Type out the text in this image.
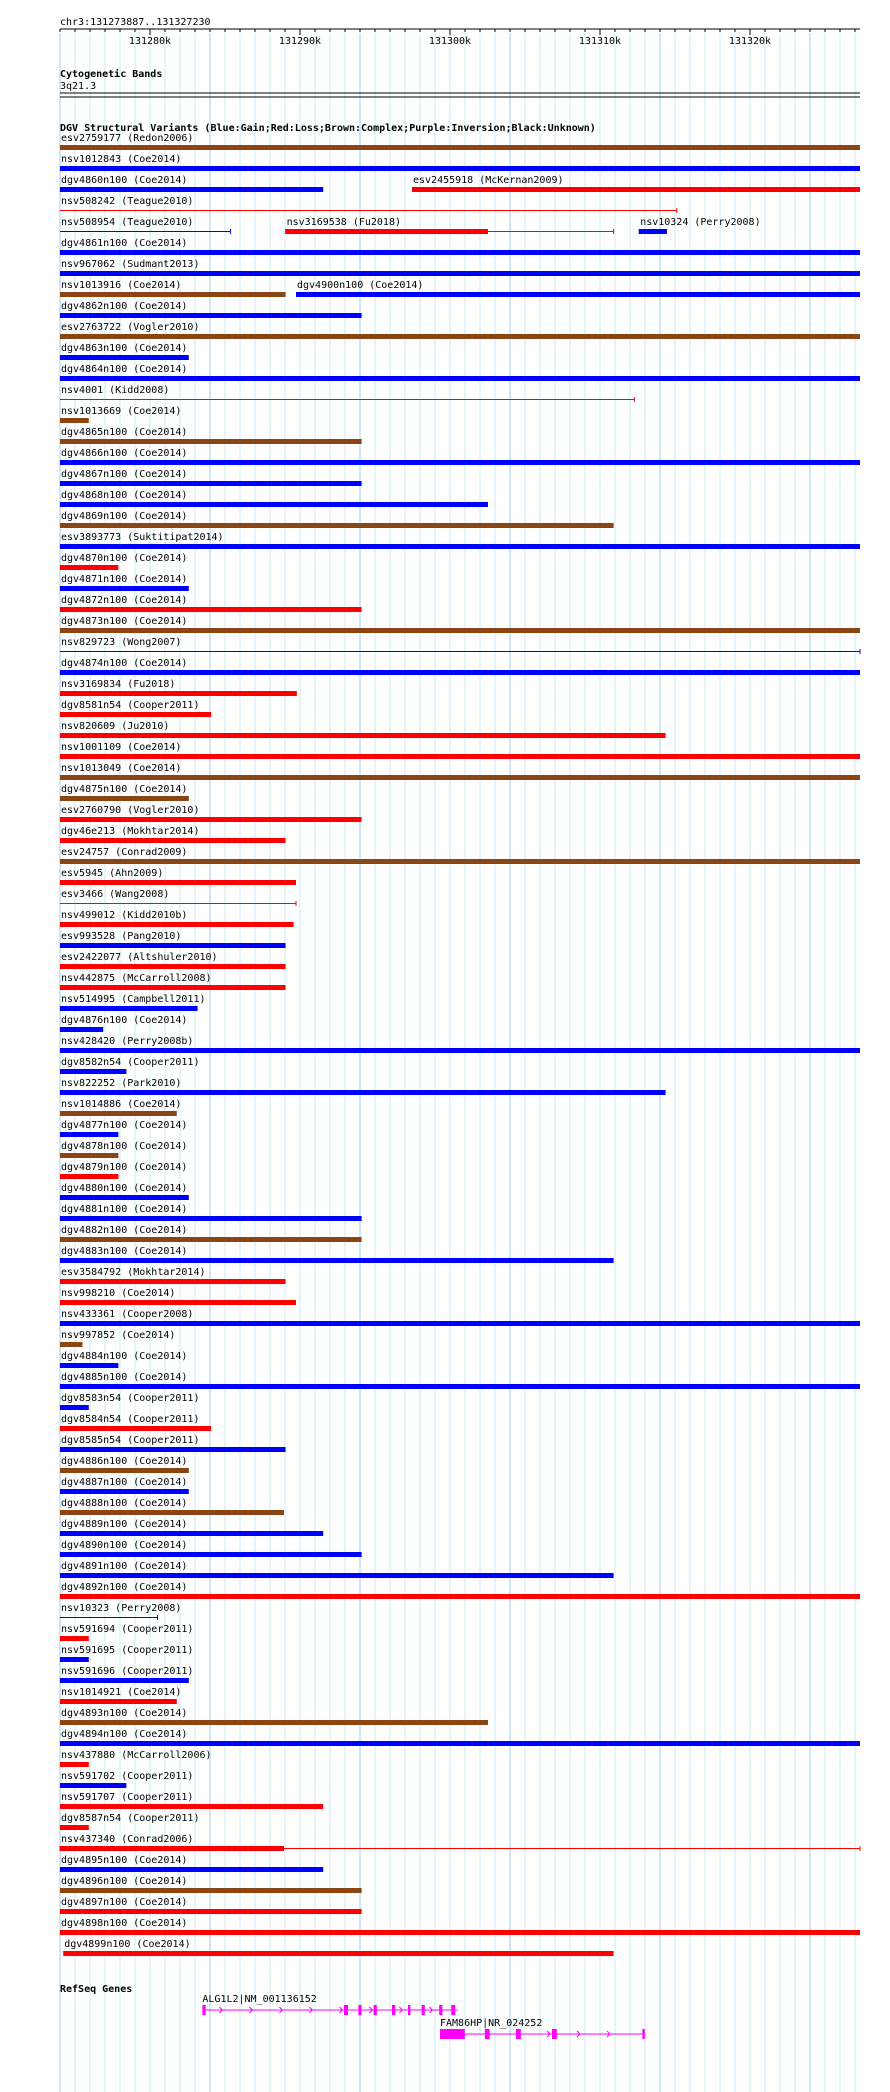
chr3:131273887..131327230
131280k	131290k	131300k	131310k	131320k
Cytogenetic Bands
3q21.3
DGV Structural Variants (Blue:Gain;Red:Loss;Brown:Complex;Purple:Inversion;Black:Unknown)
esv2759177 (Redon2006)
nsv1012843 (Coe2014)
dgv4860n100 (Coe2014)	esv2455918 (McKernan2009)
nsv508242 (Teague2010)
nsv508954 (Teague2010)	nsv3169538 (Fu2018)	nsv10324 (Perry2008)
dgv4861n100 (Coe2014)
nsv967062 (Sudmant2013)
nsv1013916 (Coe2014)	dgv4900n100 (Coe2014)
dgv4862n100 (Coe2014)
esv2763722 (Vogler2010)
dgv4863n100 (Coe2014)
dgv4864n100 (Coe2014)
nsv4001 (Kidd2008)
nsv1013669 (Coe2014)
dgv4865n100 (Coe2014)
dgv4866n100 (Coe2014)
dgv4867n100 (Coe2014)
dgv4868n100 (Coe2014)
dgv4869n100 (Coe2014)
esv3893773 (Suktitipat2014)
dgv4870n100 (Coe2014)
dgv4871n100 (Coe2014)
dgv4872n100 (Coe2014)
dgv4873n100 (Coe2014)
nsv829723 (Wong2007)
dgv4874n100 (Coe2014)
nsv3169834 (Fu2018)
dgv8581n54 (Cooper2011)
nsv820609 (Ju2010)
nsv1001109 (Coe2014)
nsv1013049 (Coe2014)
dgv4875n100 (Coe2014)
esv2760790 (Vogler2010)
dgv46e213 (Mokhtar2014)
esv24757 (Conrad2009)
esv5945 (Ahn2009)
esv3466 (Wang2008)
nsv499012 (Kidd2010b)
esv993528 (Pang2010)
esv2422077 (Altshuler2010)
nsv442875 (McCarroll2008)
nsv514995 (Campbell2011)
dgv4876n100 (Coe2014)
nsv428420 (Perry2008b)
dgv8582n54 (Cooper2011)
nsv822252 (Park2010)
nsv1014886 (Coe2014)
dgv4877n100 (Coe2014)
dgv4878n100 (Coe2014)
dgv4879n100 (Coe2014)
dgv4880n100 (Coe2014)
dgv4881n100 (Coe2014)
dgv4882n100 (Coe2014)
dgv4883n100 (Coe2014)
esv3584792 (Mokhtar2014)
nsv998210 (Coe2014)
nsv433361 (Cooper2008)
nsv997852 (Coe2014)
dgv4884n100 (Coe2014)
dgv4885n100 (Coe2014)
dgv8583n54 (Cooper2011)
dgv8584n54 (Cooper2011)
dgv8585n54 (Cooper2011)
dgv4886n100 (Coe2014)
dgv4887n100 (Coe2014)
dgv4888n100 (Coe2014)
dgv4889n100 (Coe2014)
dgv4890n100 (Coe2014)
dgv4891n100 (Coe2014)
dgv4892n100 (Coe2014)
nsv10323 (Perry2008)
nsv591694 (Cooper2011)
nsv591695 (Cooper2011)
nsv591696 (Cooper2011)
nsv1014921 (Coe2014)
dgv4893n100 (Coe2014)
dgv4894n100 (Coe2014)
nsv437880 (McCarroll2006)
nsv591702 (Cooper2011)
nsv591707 (Cooper2011)
dgv8587n54 (Cooper2011)
nsv437340 (Conrad2006)
dgv4895n100 (Coe2014)
dgv4896n100 (Coe2014)
dgv4897n100 (Coe2014)
dgv4898n100 (Coe2014)
dgv4899n100 (Coe2014)
RefSeq Genes
ALG1L2|NM_001136152
FAM86HP|NR_024252
